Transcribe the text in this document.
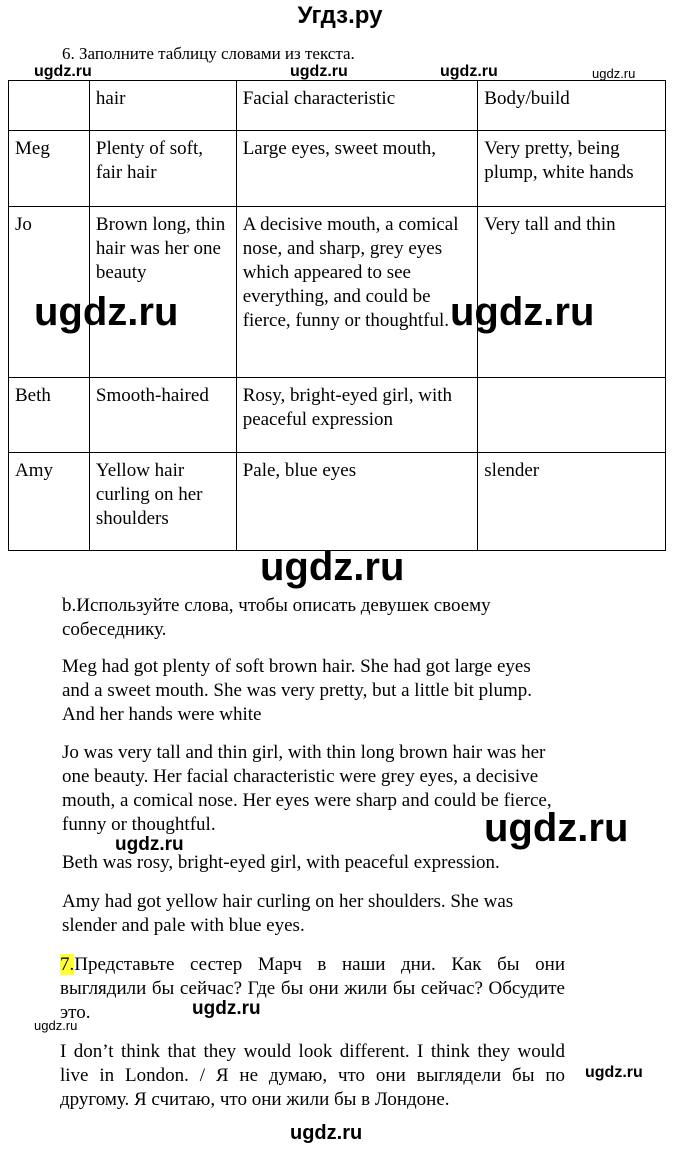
Угдз.ру
6. Заполните таблицу словами из текста.
ugdz.ru	ugdz.ru	ugdz.ru	ugdz.ru
	hair	Facial characteristic	Body/build
Meg	Plenty of soft, fair hair	Large eyes, sweet mouth,	Very pretty, being plump, white hands
Jo	Brown long, thin hair was her one beauty	A decisive mouth, a comical nose, and sharp, grey eyes which appeared to see everything, and could be fierce, funny or thoughtful.	Very tall and thin
Beth	Smooth-haired	Rosy, bright-eyed girl, with peaceful expression	
Amy	Yellow hair curling on her shoulders	Pale, blue eyes	slender
ugdz.ru	ugdz.ru
ugdz.ru
b.Используйте слова, чтобы описать девушек своему собеседнику.
Meg had got plenty of soft brown hair. She had got large eyes and a sweet mouth. She was very pretty, but a little bit plump. And her hands were white
Jo was very tall and thin girl, with thin long brown hair was her one beauty. Her facial characteristic were grey eyes, a decisive mouth, a comical nose. Her eyes were sharp and could be fierce, funny or thoughtful.
Beth was rosy, bright-eyed girl, with peaceful expression.
Amy had got yellow hair curling on her shoulders. She was slender and pale with blue eyes.
ugdz.ru	ugdz.ru
7.Представьте сестер Марч в наши дни. Как бы они выглядили бы сейчас? Где бы они жили бы сейчас? Обсудите это.
I don’t think that they would look different. I think they would live in London. / Я не думаю, что они выглядели бы по другому. Я считаю, что они жили бы в Лондоне.
ugdz.ru
ugdz.ru
ugdz.ru
ugdz.ru
